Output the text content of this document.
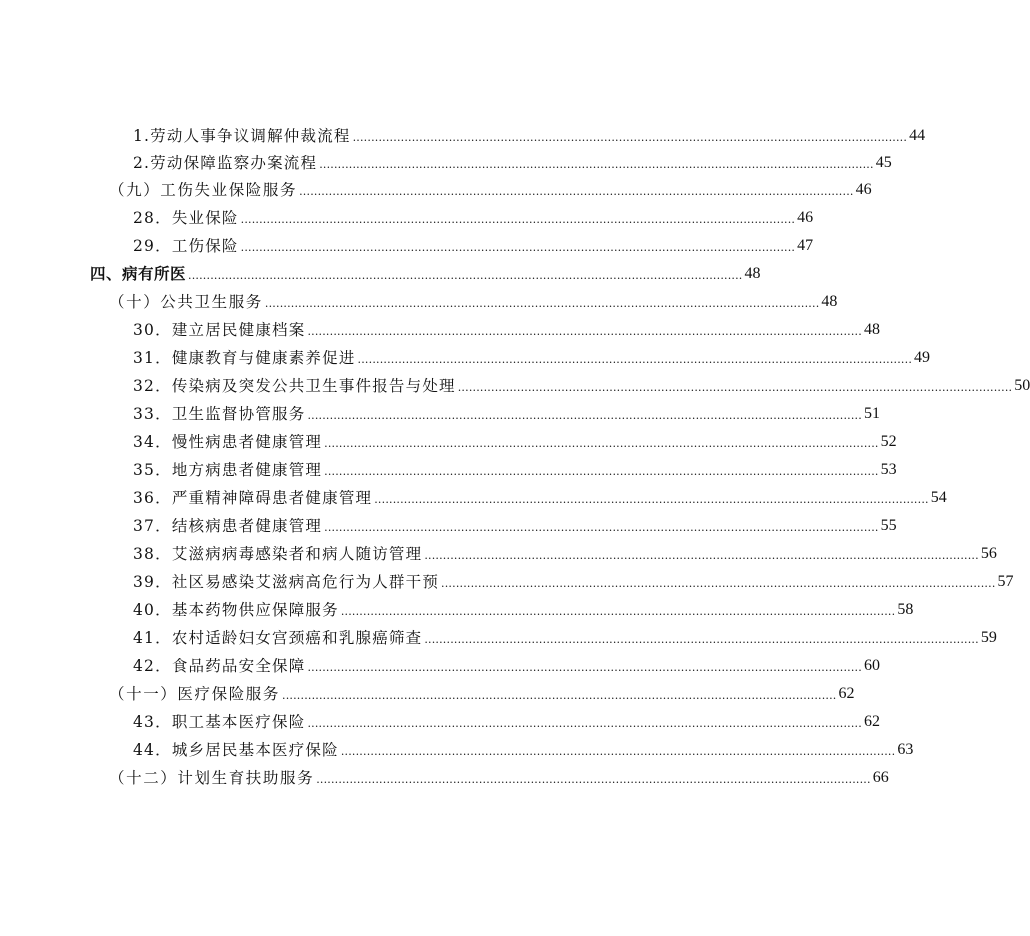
1.劳动人事争议调解仲裁流程 ...................................................................................................................................................... 44
2.劳动保障监察办案流程 ...................................................................................................................................................... 45
（九）工伤失业保险服务 ...................................................................................................................................................... 46
28．失业保险 ...................................................................................................................................................... 46
29．工伤保险 ...................................................................................................................................................... 47
四、病有所医 ...................................................................................................................................................... 48
（十）公共卫生服务 ...................................................................................................................................................... 48
30．建立居民健康档案 ...................................................................................................................................................... 48
31．健康教育与健康素养促进 ...................................................................................................................................................... 49
32．传染病及突发公共卫生事件报告与处理 ...................................................................................................................................................... 50
33．卫生监督协管服务 ...................................................................................................................................................... 51
34．慢性病患者健康管理 ...................................................................................................................................................... 52
35．地方病患者健康管理 ...................................................................................................................................................... 53
36．严重精神障碍患者健康管理 ...................................................................................................................................................... 54
37．结核病患者健康管理 ...................................................................................................................................................... 55
38．艾滋病病毒感染者和病人随访管理 ...................................................................................................................................................... 56
39．社区易感染艾滋病高危行为人群干预 ...................................................................................................................................................... 57
40．基本药物供应保障服务 ...................................................................................................................................................... 58
41．农村适龄妇女宫颈癌和乳腺癌筛查 ...................................................................................................................................................... 59
42．食品药品安全保障 ...................................................................................................................................................... 60
（十一）医疗保险服务 ...................................................................................................................................................... 62
43．职工基本医疗保险 ...................................................................................................................................................... 62
44．城乡居民基本医疗保险 ...................................................................................................................................................... 63
（十二）计划生育扶助服务 ...................................................................................................................................................... 66
